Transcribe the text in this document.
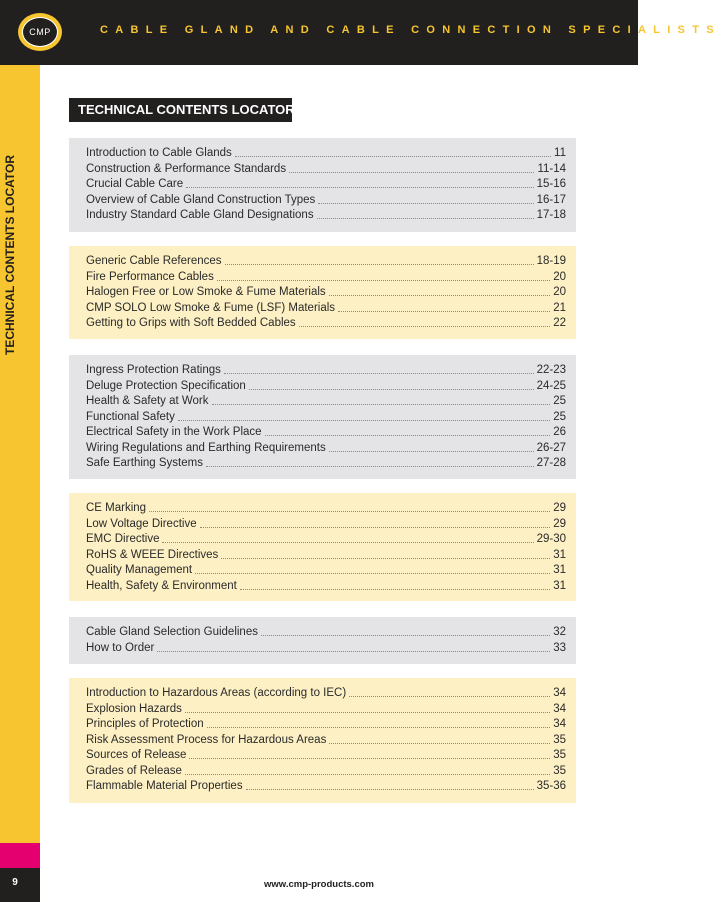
CMP	CABLE GLAND AND CABLE CONNECTION SPECIALISTS
TECHNICAL CONTENTS LOCATOR
9
TECHNICAL CONTENTS LOCATOR
Introduction to Cable Glands	11
Construction & Performance Standards	11-14
Crucial Cable Care	15-16
Overview of Cable Gland Construction Types	16-17
Industry Standard Cable Gland Designations	17-18
Generic Cable References	18-19
Fire Performance Cables	20
Halogen Free or Low Smoke & Fume Materials	20
CMP SOLO Low Smoke & Fume (LSF) Materials	21
Getting to Grips with Soft Bedded Cables	22
Ingress Protection Ratings	22-23
Deluge Protection Specification	24-25
Health & Safety at Work	25
Functional Safety	25
Electrical Safety in the Work Place	26
Wiring Regulations and Earthing Requirements	26-27
Safe Earthing Systems	27-28
CE Marking	29
Low Voltage Directive	29
EMC Directive	29-30
RoHS & WEEE Directives	31
Quality Management	31
Health, Safety & Environment	31
Cable Gland Selection Guidelines	32
How to Order	33
Introduction to Hazardous Areas (according to IEC)	34
Explosion Hazards	34
Principles of Protection	34
Risk Assessment Process for Hazardous Areas	35
Sources of Release	35
Grades of Release	35
Flammable Material Properties	35-36
www.cmp-products.com
